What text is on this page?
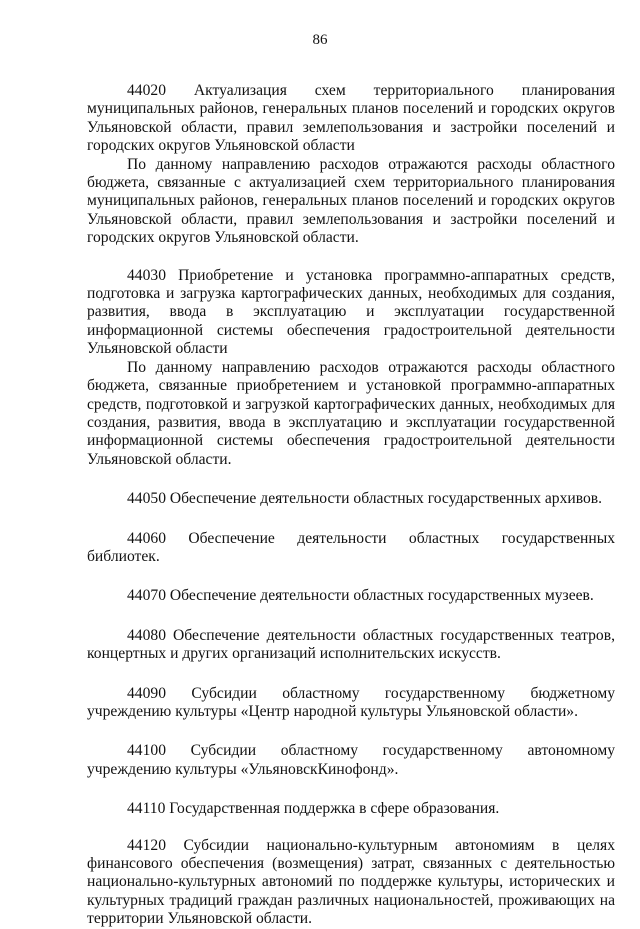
86

44020 Актуализация схем территориального планирования муниципальных районов, генеральных планов поселений и городских округов Ульяновской области, правил землепользования и застройки поселений и городских округов Ульяновской области

По данному направлению расходов отражаются расходы областного бюджета, связанные с актуализацией схем территориального планирования муниципальных районов, генеральных планов поселений и городских округов Ульяновской области, правил землепользования и застройки поселений и городских округов Ульяновской области.

44030 Приобретение и установка программно-аппаратных средств, подготовка и загрузка картографических данных, необходимых для создания, развития, ввода в эксплуатацию и эксплуатации государственной информационной системы обеспечения градостроительной деятельности Ульяновской области

По данному направлению расходов отражаются расходы областного бюджета, связанные приобретением и установкой программно-аппаратных средств, подготовкой и загрузкой картографических данных, необходимых для создания, развития, ввода в эксплуатацию и эксплуатации государственной информационной системы обеспечения градостроительной деятельности Ульяновской области.

44050 Обеспечение деятельности областных государственных архивов.

44060 Обеспечение деятельности областных государственных библиотек.

44070 Обеспечение деятельности областных государственных музеев.

44080 Обеспечение деятельности областных государственных театров, концертных и других организаций исполнительских искусств.

44090 Субсидии областному государственному бюджетному учреждению культуры «Центр народной культуры Ульяновской области».

44100 Субсидии областному государственному автономному учреждению культуры «УльяновскКинофонд».

44110 Государственная поддержка в сфере образования.

44120 Субсидии национально-культурным автономиям в целях финансового обеспечения (возмещения) затрат, связанных с деятельностью национально-культурных автономий по поддержке культуры, исторических и культурных традиций граждан различных национальностей, проживающих на территории Ульяновской области.
